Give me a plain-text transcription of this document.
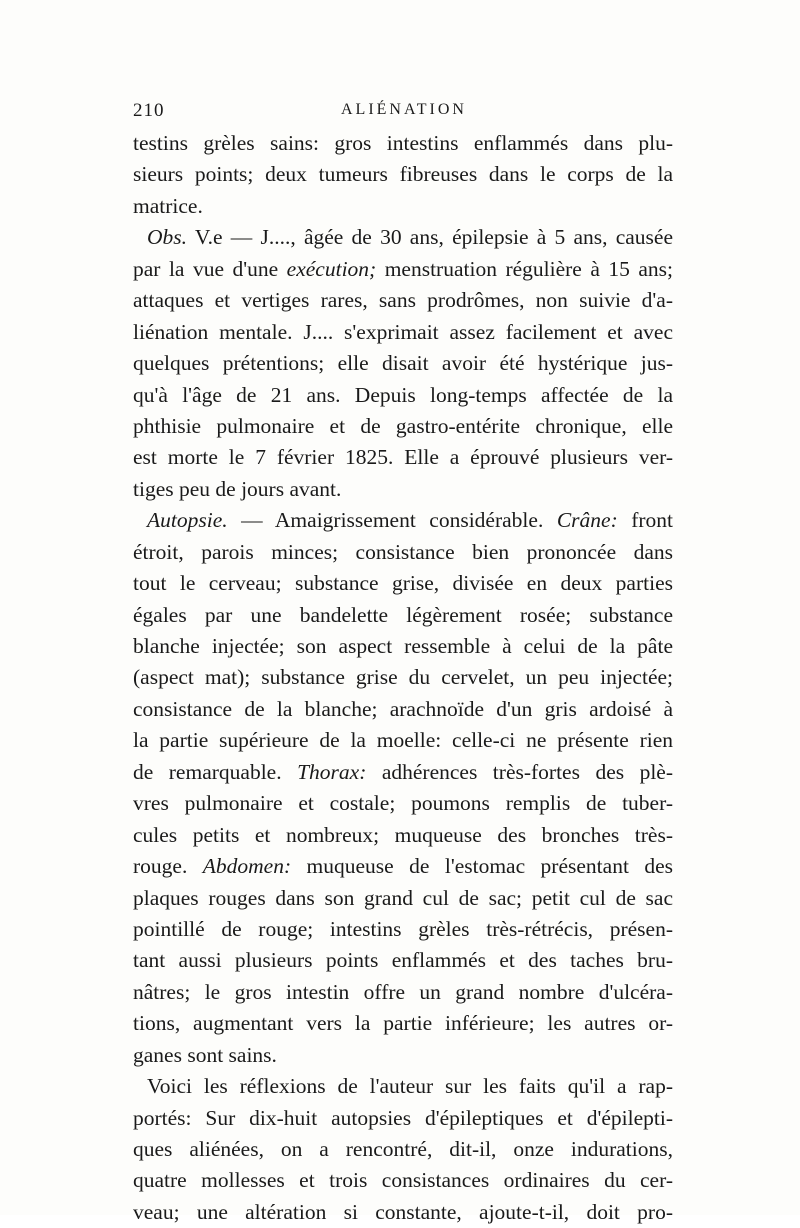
210	ALIÉNATION
testins grèles sains: gros intestins enflammés dans plu-
sieurs points; deux tumeurs fibreuses dans le corps de la
matrice.
Obs. V.e — J...., âgée de 30 ans, épilepsie à 5 ans, causée
par la vue d'une exécution; menstruation régulière à 15 ans;
attaques et vertiges rares, sans prodrômes, non suivie d'a-
liénation mentale. J.... s'exprimait assez facilement et avec
quelques prétentions; elle disait avoir été hystérique jus-
qu'à l'âge de 21 ans. Depuis long-temps affectée de la
phthisie pulmonaire et de gastro-entérite chronique, elle
est morte le 7 février 1825. Elle a éprouvé plusieurs ver-
tiges peu de jours avant.
Autopsie. — Amaigrissement considérable. Crâne: front
étroit, parois minces; consistance bien prononcée dans
tout le cerveau; substance grise, divisée en deux parties
égales par une bandelette légèrement rosée; substance
blanche injectée; son aspect ressemble à celui de la pâte
(aspect mat); substance grise du cervelet, un peu injectée;
consistance de la blanche; arachnoïde d'un gris ardoisé à
la partie supérieure de la moelle: celle-ci ne présente rien
de remarquable. Thorax: adhérences très-fortes des plè-
vres pulmonaire et costale; poumons remplis de tuber-
cules petits et nombreux; muqueuse des bronches très-
rouge. Abdomen: muqueuse de l'estomac présentant des
plaques rouges dans son grand cul de sac; petit cul de sac
pointillé de rouge; intestins grèles très-rétrécis, présen-
tant aussi plusieurs points enflammés et des taches bru-
nâtres; le gros intestin offre un grand nombre d'ulcéra-
tions, augmentant vers la partie inférieure; les autres or-
ganes sont sains.
Voici les réflexions de l'auteur sur les faits qu'il a rap-
portés: Sur dix-huit autopsies d'épileptiques et d'épilepti-
ques aliénées, on a rencontré, dit-il, onze indurations,
quatre mollesses et trois consistances ordinaires du cer-
veau; une altération si constante, ajoute-t-il, doit pro-
